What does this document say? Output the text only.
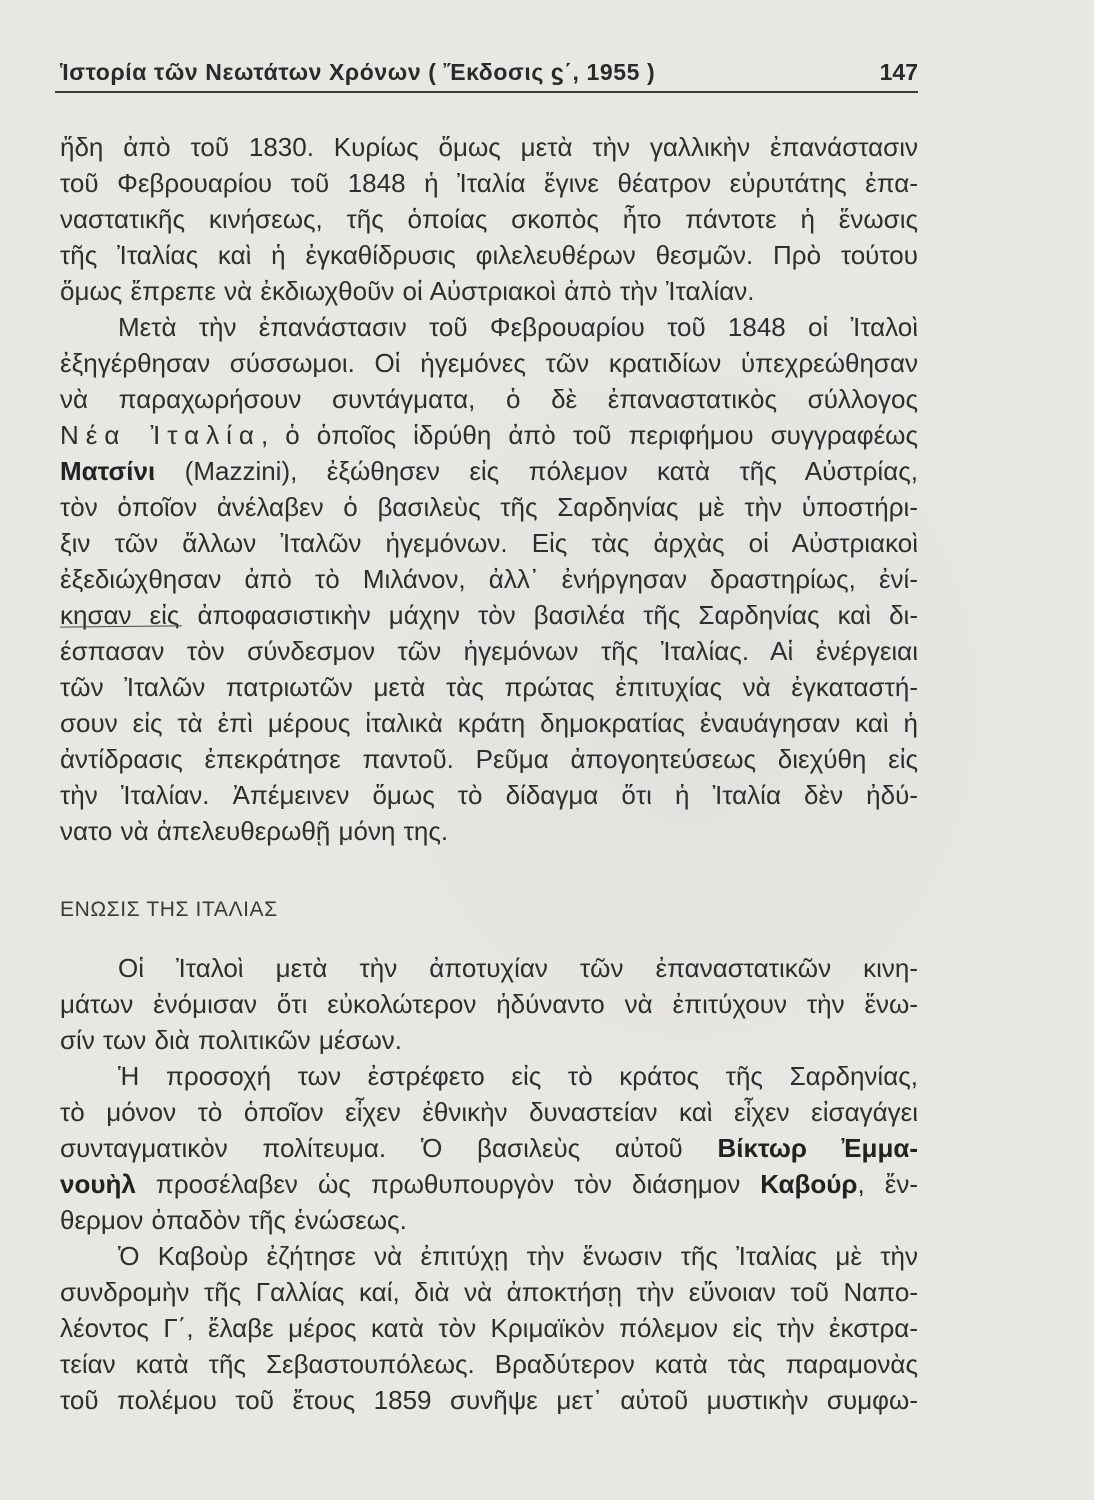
Ἱστορία τῶν Νεωτάτων Χρόνων ( Ἔκδοσις ϛ΄, 1955 )	147
ἤδη ἀπὸ τοῦ 1830. Κυρίως ὅμως μετὰ τὴν γαλλικὴν ἐπανάστασιν
τοῦ Φεβρουαρίου τοῦ 1848 ἡ Ἰταλία ἔγινε θέατρον εὐρυτάτης ἐπα-
ναστατικῆς κινήσεως, τῆς ὁποίας σκοπὸς ἦτο πάντοτε ἡ ἕνωσις
τῆς Ἰταλίας καὶ ἡ ἐγκαθίδρυσις φιλελευθέρων θεσμῶν. Πρὸ τούτου
ὅμως ἔπρεπε νὰ ἐκδιωχθοῦν οἱ Αὐστριακοὶ ἀπὸ τὴν Ἰταλίαν.
Μετὰ τὴν ἐπανάστασιν τοῦ Φεβρουαρίου τοῦ 1848 οἱ Ἰταλοὶ
ἐξηγέρθησαν σύσσωμοι. Οἱ ἡγεμόνες τῶν κρατιδίων ὑπεχρεώθησαν
νὰ παραχωρήσουν συντάγματα, ὁ δὲ ἐπαναστατικὸς σύλλογος
Νέα Ἰταλία, ὁ ὁποῖος ἱδρύθη ἀπὸ τοῦ περιφήμου συγγραφέως
Ματσίνι (Mazzini), ἐξώθησεν εἰς πόλεμον κατὰ τῆς Αὐστρίας,
τὸν ὁποῖον ἀνέλαβεν ὁ βασιλεὺς τῆς Σαρδηνίας μὲ τὴν ὑποστήρι-
ξιν τῶν ἄλλων Ἰταλῶν ἡγεμόνων. Εἰς τὰς ἀρχὰς οἱ Αὐστριακοὶ
ἐξεδιώχθησαν ἀπὸ τὸ Μιλάνον, ἀλλ᾽ ἐνήργησαν δραστηρίως, ἐνί-
κησαν εἰς ἀποφασιστικὴν μάχην τὸν βασιλέα τῆς Σαρδηνίας καὶ δι-
έσπασαν τὸν σύνδεσμον τῶν ἡγεμόνων τῆς Ἰταλίας. Αἱ ἐνέργειαι
τῶν Ἰταλῶν πατριωτῶν μετὰ τὰς πρώτας ἐπιτυχίας νὰ ἐγκαταστή-
σουν εἰς τὰ ἐπὶ μέρους ἰταλικὰ κράτη δημοκρατίας ἐναυάγησαν καὶ ἡ
ἀντίδρασις ἐπεκράτησε παντοῦ. Ρεῦμα ἀπογοητεύσεως διεχύθη εἰς
τὴν Ἰταλίαν. Ἀπέμεινεν ὅμως τὸ δίδαγμα ὅτι ἡ Ἰταλία δὲν ἠδύ-
νατο νὰ ἀπελευθερωθῇ μόνη της.
ΕΝΩΣΙΣ ΤΗΣ ΙΤΑΛΙΑΣ
Οἱ Ἰταλοὶ μετὰ τὴν ἀποτυχίαν τῶν ἐπαναστατικῶν κινη-
μάτων ἐνόμισαν ὅτι εὐκολώτερον ἠδύναντο νὰ ἐπιτύχουν τὴν ἕνω-
σίν των διὰ πολιτικῶν μέσων.
Ἡ προσοχή των ἐστρέφετο εἰς τὸ κράτος τῆς Σαρδηνίας,
τὸ μόνον τὸ ὁποῖον εἶχεν ἐθνικὴν δυναστείαν καὶ εἶχεν εἰσαγάγει
συνταγματικὸν πολίτευμα. Ὁ βασιλεὺς αὐτοῦ Βίκτωρ Ἐμμα-
νουὴλ προσέλαβεν ὡς πρωθυπουργὸν τὸν διάσημον Καβούρ, ἔν-
θερμον ὀπαδὸν τῆς ἑνώσεως.
Ὁ Καβοὺρ ἐζήτησε νὰ ἐπιτύχῃ τὴν ἕνωσιν τῆς Ἰταλίας μὲ τὴν
συνδρομὴν τῆς Γαλλίας καί, διὰ νὰ ἀποκτήσῃ τὴν εὔνοιαν τοῦ Ναπο-
λέοντος Γ΄, ἔλαβε μέρος κατὰ τὸν Κριμαϊκὸν πόλεμον εἰς τὴν ἐκστρα-
τείαν κατὰ τῆς Σεβαστουπόλεως. Βραδύτερον κατὰ τὰς παραμονὰς
τοῦ πολέμου τοῦ ἔτους 1859 συνῆψε μετ᾽ αὐτοῦ μυστικὴν συμφω-
